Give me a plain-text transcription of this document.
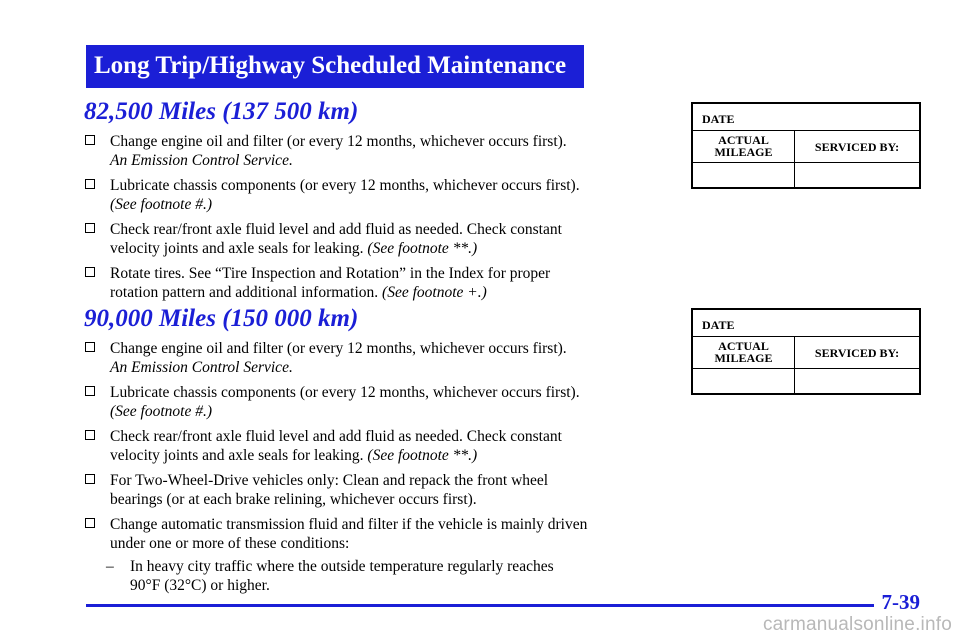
Long Trip/Highway Scheduled Maintenance
82,500 Miles (137 500 km)
Change engine oil and filter (or every 12 months, whichever occurs first).
An Emission Control Service.
Lubricate chassis components (or every 12 months, whichever occurs first).
(See footnote #.)
Check rear/front axle fluid level and add fluid as needed. Check constant
velocity joints and axle seals for leaking. (See footnote **.)
Rotate tires. See “Tire Inspection and Rotation” in the Index for proper
rotation pattern and additional information. (See footnote +.)
90,000 Miles (150 000 km)
Change engine oil and filter (or every 12 months, whichever occurs first).
An Emission Control Service.
Lubricate chassis components (or every 12 months, whichever occurs first).
(See footnote #.)
Check rear/front axle fluid level and add fluid as needed. Check constant
velocity joints and axle seals for leaking. (See footnote **.)
For Two-Wheel-Drive vehicles only: Clean and repack the front wheel
bearings (or at each brake relining, whichever occurs first).
Change automatic transmission fluid and filter if the vehicle is mainly driven
under one or more of these conditions:
– In heavy city traffic where the outside temperature regularly reaches
90°F (32°C) or higher.
DATE
ACTUAL MILEAGE	SERVICED BY:
DATE
ACTUAL MILEAGE	SERVICED BY:
7-39
carmanualsonline.info
